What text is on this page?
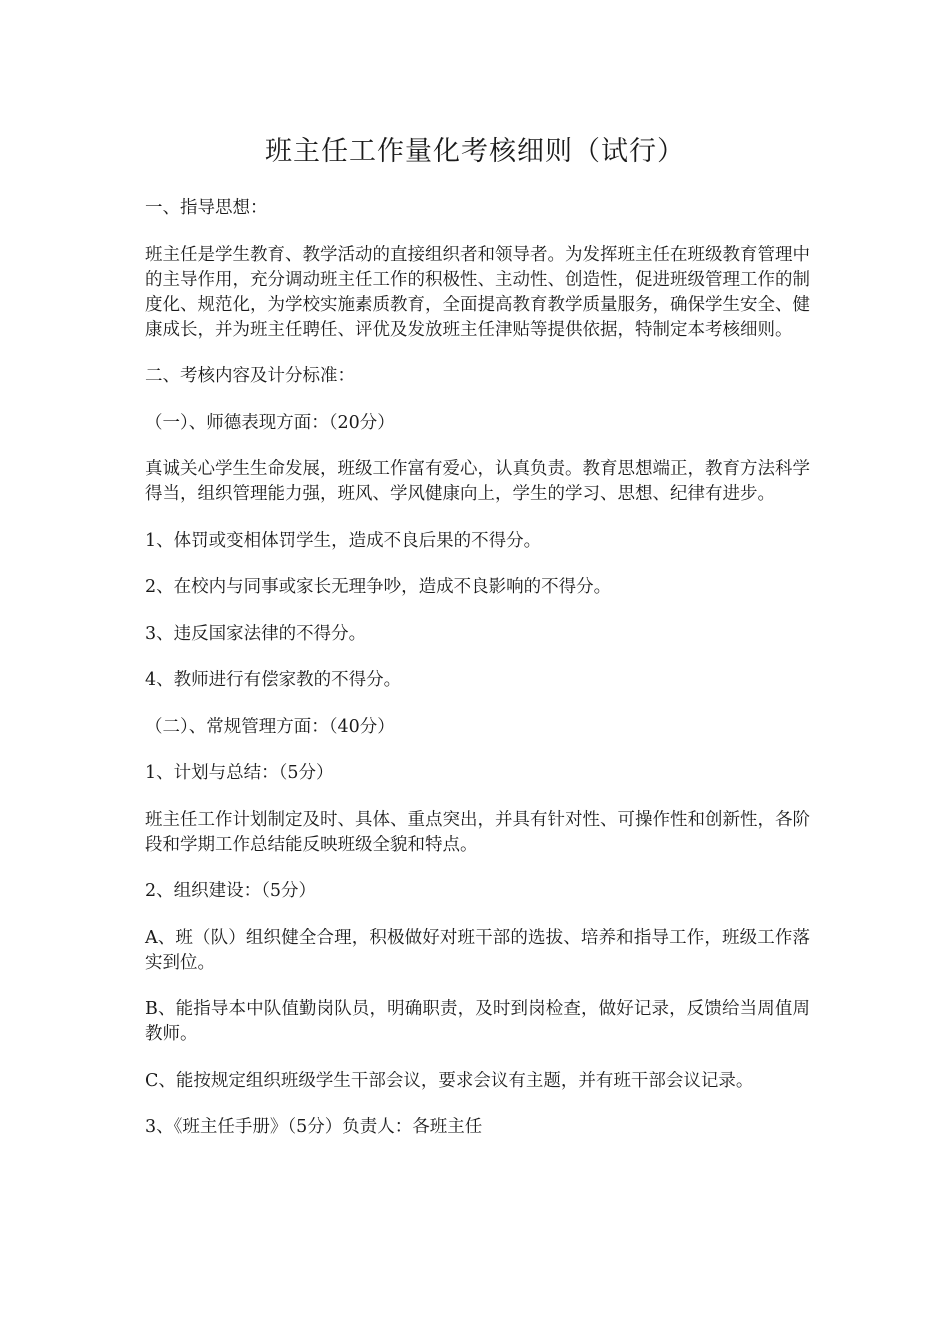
班主任工作量化考核细则（试行）

一、指导思想：

班主任是学生教育、教学活动的直接组织者和领导者。为发挥班主任在班级教育管理中的主导作用，充分调动班主任工作的积极性、主动性、创造性，促进班级管理工作的制度化、规范化，为学校实施素质教育，全面提高教育教学质量服务，确保学生安全、健康成长，并为班主任聘任、评优及发放班主任津贴等提供依据，特制定本考核细则。

二、考核内容及计分标准：

（一）、师德表现方面：（20分）

真诚关心学生生命发展，班级工作富有爱心，认真负责。教育思想端正，教育方法科学得当，组织管理能力强，班风、学风健康向上，学生的学习、思想、纪律有进步。

1、体罚或变相体罚学生，造成不良后果的不得分。

2、在校内与同事或家长无理争吵，造成不良影响的不得分。

3、违反国家法律的不得分。

4、教师进行有偿家教的不得分。

（二）、常规管理方面：（40分）

1、计划与总结：（5分）

班主任工作计划制定及时、具体、重点突出，并具有针对性、可操作性和创新性，各阶段和学期工作总结能反映班级全貌和特点。

2、组织建设：（5分）

A、班（队）组织健全合理，积极做好对班干部的选拔、培养和指导工作，班级工作落实到位。

B、能指导本中队值勤岗队员，明确职责，及时到岗检查，做好记录，反馈给当周值周教师。

C、能按规定组织班级学生干部会议，要求会议有主题，并有班干部会议记录。

3、《班主任手册》（5分）负责人：各班主任
